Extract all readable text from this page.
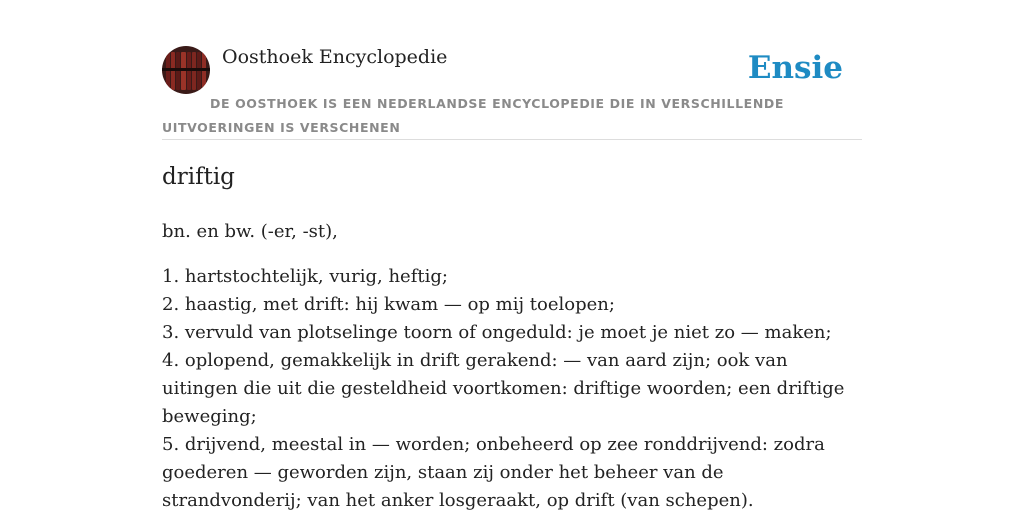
Oosthoek Encyclopedie	Ensie
DE OOSTHOEK IS EEN NEDERLANDSE ENCYCLOPEDIE DIE IN VERSCHILLENDE UITVOERINGEN IS VERSCHENEN
driftig

bn. en bw. (-er, -st),

1. hartstochtelijk, vurig, heftig;
2. haastig, met drift: hij kwam — op mij toelopen;
3. vervuld van plotselinge toorn of ongeduld: je moet je niet zo — maken;
4. oplopend, gemakkelijk in drift gerakend: — van aard zijn; ook van uitingen die uit die gesteldheid voortkomen: driftige woorden; een driftige beweging;
5. drijvend, meestal in — worden; onbeheerd op zee ronddrijvend: zodra goederen — geworden zijn, staan zij onder het beheer van de strandvonderij; van het anker losgeraakt, op drift (van schepen).
